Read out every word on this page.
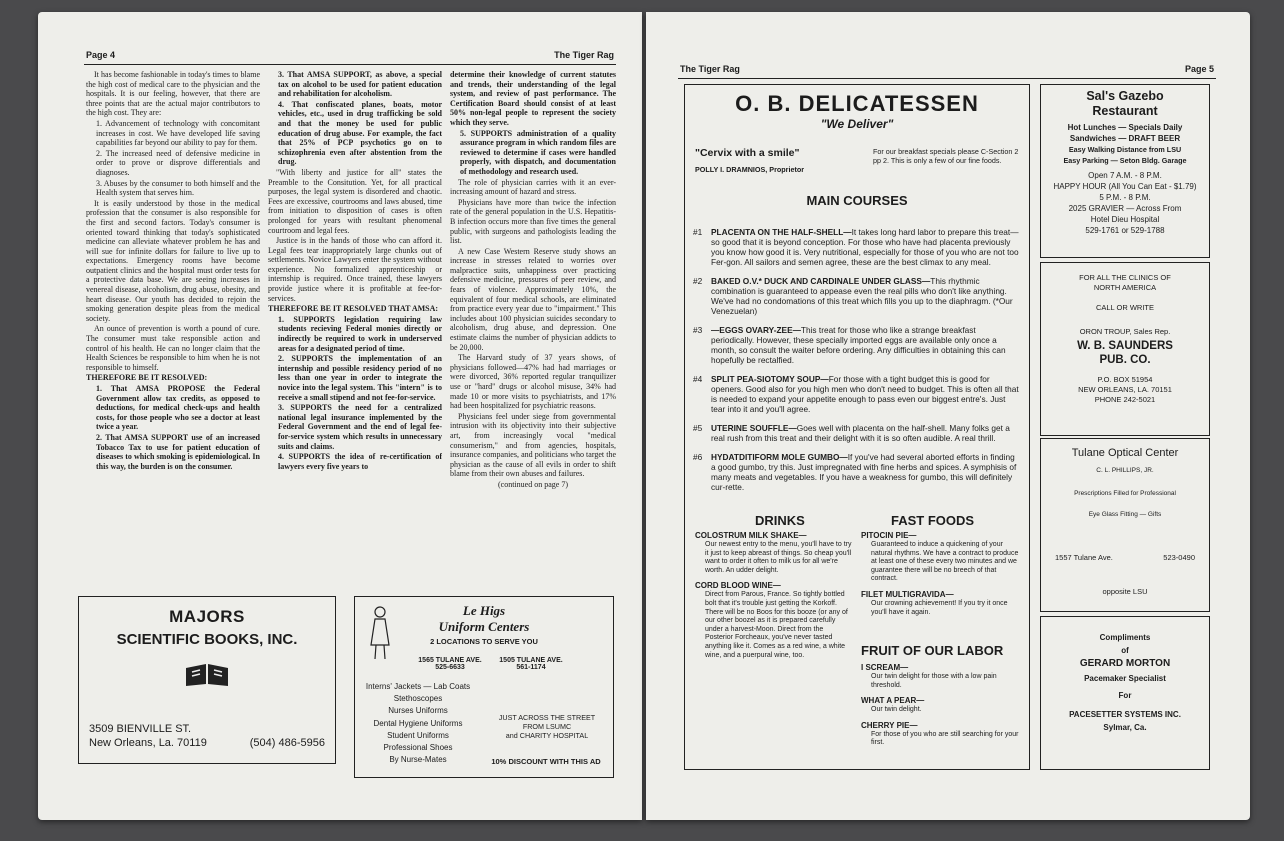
Page 4	The Tiger Rag

It has become fashionable in today's times to blame the high cost of medical care to the physician and the hospitals. It is our feeling, however, that there are three points that are the actual major contributors to the high cost. They are:

1. Advancement of technology with concomitant increases in cost. We have developed life saving capabilities far beyond our ability to pay for them.

2. The increased need of defensive medicine in order to prove or disprove differentials and diagnoses.

3. Abuses by the consumer to both himself and the Health system that serves him.

It is easily understood by those in the medical profession that the consumer is also responsible for the first and second factors. Today's consumer is oriented toward thinking that today's sophisticated medicine can alleviate whatever problem he has and will sue for infinite dollars for failure to live up to expectations. Emergency rooms have become outpatient clinics and the hospital must order tests for a protective data base. We are seeing increases in venereal disease, alcoholism, drug abuse, obesity, and heart disease. Our youth has decided to rejoin the smoking generation despite pleas from the medical society.

An ounce of prevention is worth a pound of cure. The consumer must take responsible action and control of his health. He can no longer claim that the Health Sciences be responsible to him when he is not responsible to himself.

THEREFORE BE IT RESOLVED:

1. That AMSA PROPOSE the Federal Government allow tax credits, as opposed to deductions, for medical check-ups and health costs, for those people who see a doctor at least twice a year.

2. That AMSA SUPPORT use of an increased Tobacco Tax to use for patient education of diseases to which smoking is epidemiological. In this way, the burden is on the consumer.

3. That AMSA SUPPORT, as above, a special tax on alcohol to be used for patient education and rehabilitation for alcoholism.

4. That confiscated planes, boats, motor vehicles, etc., used in drug trafficking be sold and that the money be used for public education of drug abuse. For example, the fact that 25% of PCP psychotics go on to schizophrenia even after abstention from the drug.

"With liberty and justice for all" states the Preamble to the Consitution. Yet, for all practical purposes, the legal system is disordered and chaotic. Fees are excessive, courtrooms and laws abused, time from initiation to disposition of cases is often prolonged for years with resultant phenomenal courtroom and legal fees.

Justice is in the hands of those who can afford it. Legal fees tear inappropriately large chunks out of settlements. Novice Lawyers enter the system without experience. No formalized apprenticeship or internship is required. Once trained, these lawyers provide justice where it is profitable at fee-for-services.

THEREFORE BE IT RESOLVED THAT AMSA:

1. SUPPORTS legislation requiring law students recieving Federal monies directly or indirectly be required to work in underserved areas for a designated period of time.

2. SUPPORTS the implementation of an internship and possible residency period of no less than one year in order to integrate the novice into the legal system. This "intern" is to receive a small stipend and not fee-for-service.

3. SUPPORTS the need for a centralized national legal insurance implemented by the Federal Government and the end of legal fee-for-service system which results in unnecessary suits and claims.

4. SUPPORTS the idea of re-certification of lawyers every five years to

determine their knowledge of current statutes and trends, their understanding of the legal system, and review of past performance. The Certification Board should consist of at least 50% non-legal people to represent the society which they serve.

5. SUPPORTS administration of a quality assurance program in which random files are reviewed to determine if cases were handled properly, with dispatch, and documentation of methodology and research used.

The role of physician carries with it an ever-increasing amount of hazard and stress.

Physicians have more than twice the infection rate of the general population in the U.S. Hepatitis-B infection occurs more than five times the general public, with surgeons and pathologists leading the list.

A new Case Western Reserve study shows an increase in stresses related to worries over malpractice suits, unhappiness over practicing defensive medicine, pressures of peer review, and fears of violence. Approximately 10%, the equivalent of four medical schools, are eliminated from practice every year due to "impairment." This includes about 100 physician suicides secondary to alcoholism, drug abuse, and depression. One estimate claims the number of physician addicts to be 20,000.

The Harvard study of 37 years shows, of physicians followed—47% had had marriages or were divorced, 36% reported regular tranquilizer use or "hard" drugs or alcohol misuse, 34% had made 10 or more visits to psychiatrists, and 17% had been hospitalized for psychiatric reasons.

Physicians feel under siege from governmental intrusion with its objectivity into their subjective art, from increasingly vocal "medical consumerism," and from agencies, hospitals, insurance companies, and politicians who target the physician as the cause of all evils in order to shift blame from their own abuses and failures.

(continued on page 7)

MAJORS
SCIENTIFIC BOOKS, INC.
3509 BIENVILLE ST.
New Orleans, La. 70119	(504) 486-5956
Le Higs
Uniform Centers
2 LOCATIONS TO SERVE YOU
1565 TULANE AVE.
525-6633
1505 TULANE AVE.
561-1174
Interns' Jackets — Lab Coats
Stethoscopes
Nurses Uniforms
Dental Hygiene Uniforms
Student Uniforms
Professional Shoes
By Nurse-Mates
JUST ACROSS THE STREET
FROM LSUMC
and CHARITY HOSPITAL
10% DISCOUNT WITH THIS AD
The Tiger Rag	Page 5
O. B. DELICATESSEN
"We Deliver"
"Cervix with a smile"
POLLY I. DRAMNIOS, Proprietor
For our breakfast specials please C-Section 2 pp 2. This is only a few of our fine foods.
MAIN COURSES
#1	PLACENTA ON THE HALF-SHELL—It takes long hard labor to prepare this treat—so good that it is beyond conception. For those who have had placenta previously you know how good it is. Very nutritional, especially for those of you who are not too Fer-gon. All sailors and semen agree, these are the best climax to any meal.
#2	BAKED O.V.* DUCK AND CARDINALE UNDER GLASS—This rhythmic combination is guaranteed to appease even the real pills who don't like anything. We've had no condomations of this treat which fills you up to the diaphragm. (*Our Venezuelan)
#3	—EGGS OVARY-ZEE—This treat for those who like a strange breakfast periodically. However, these specially imported eggs are available only once a month, so consult the waiter before ordering. Any difficulties in obtaining this can hopefully be rectalfied.
#4	SPLIT PEA-SIOTOMY SOUP—For those with a tight budget this is good for openers. Good also for you high men who don't need to budget. This is often all that is needed to expand your appetite enough to pass even our biggest entre's. Just tear into it and you'll agree.
#5	UTERINE SOUFFLE—Goes well with placenta on the half-shell. Many folks get a real rush from this treat and their delight with it is so often audible. A real thrill.
#6	HYDATDITIFORM MOLE GUMBO—If you've had several aborted efforts in finding a good gumbo, try this. Just impregnated with fine herbs and spices. A symphisis of many meats and vegetables. If you have a weakness for gumbo, this will definitely cur-rette.
DRINKS	FAST FOODS
COLOSTRUM MILK SHAKE—
Our newest entry to the menu, you'll have to try it just to keep abreast of things. So cheap you'll want to order it often to milk us for all we're worth. An udder delight.
CORD BLOOD WINE—
Direct from Parous, France. So tightly bottled bolt that it's trouble just getting the Korkoff. There will be no Boos for this booze (or any of our other boozel as it is prepared carefully under a harvest-Moon. Direct from the Posterior Forcheaux, you've never tasted anything like it. Comes as a red wine, a white wine, and a puerpural wine, too.
PITOCIN PIE—
Guaranteed to induce a quickening of your natural rhythms. We have a contract to produce at least one of these every two minutes and we guarantee there will be no breech of that contract.
FILET MULTIGRAVIDA—
Our crowning achievement! If you try it once you'll have it again.
FRUIT OF OUR LABOR
I SCREAM—
Our twin delight for those with a low pain threshold.
WHAT A PEAR—
Our twin delight.
CHERRY PIE—
For those of you who are still searching for your first.
Sal's Gazebo
Restaurant
Hot Lunches — Specials Daily
Sandwiches — DRAFT BEER
Easy Walking Distance from LSU
Easy Parking — Seton Bldg. Garage
Open 7 A.M. - 8 P.M.
HAPPY HOUR (All You Can Eat - $1.79)
5 P.M. - 8 P.M.
2025 GRAVIER — Across From
Hotel Dieu Hospital
529-1761 or 529-1788
FOR ALL THE CLINICS OF
NORTH AMERICA
CALL OR WRITE
ORON TROUP, Sales Rep.
W. B. SAUNDERS
PUB. CO.
P.O. BOX 51954
NEW ORLEANS, LA. 70151
PHONE 242-5021
Tulane Optical Center
C. L. PHILLIPS, JR.
Prescriptions Filled for Professional
Eye Glass Fitting — Gifts
1557 Tulane Ave.	523-0490
opposite LSU
Compliments
of
GERARD MORTON
Pacemaker Specialist
For
PACESETTER SYSTEMS INC.
Sylmar, Ca.
